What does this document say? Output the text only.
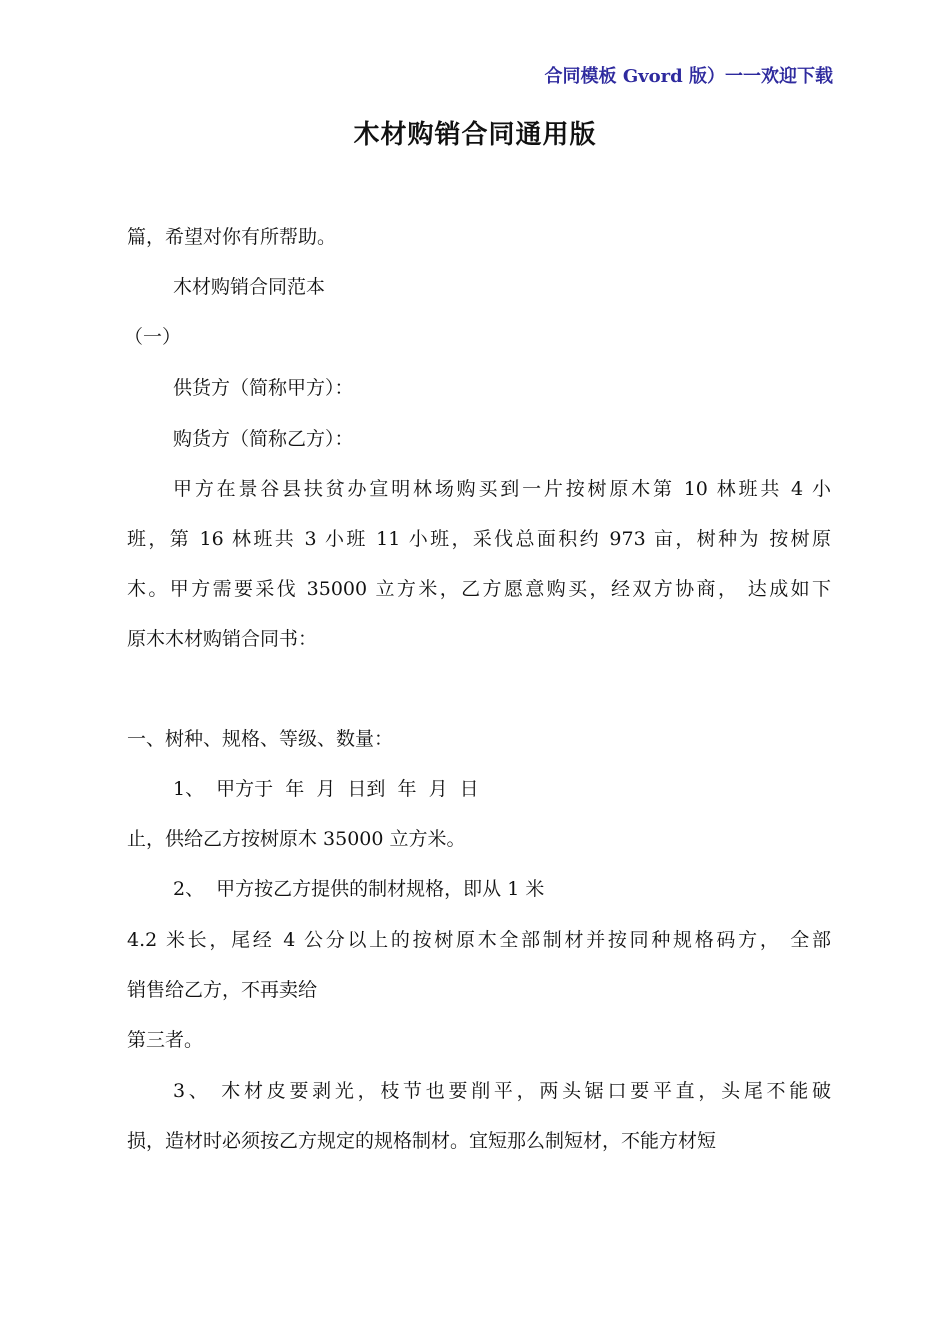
合同模板 Gvord 版）一一欢迎下载
木材购销合同通用版
篇，希望对你有所帮助。
木材购销合同范本
（一）
供货方（简称甲方）：
购货方（简称乙方）：
甲方在景谷县扶贫办宣明林场购买到一片按树原木第 10 林班共 4 小
班，第 16 林班共 3 小班 11 小班，采伐总面积约 973 亩，树种为 按树原
木。甲方需要采伐 35000 立方米，乙方愿意购买，经双方协商， 达成如下
原木木材购销合同书：
一、树种、规格、等级、数量：
1、  甲方于  年  月  日到  年  月  日
止，供给乙方按树原木 35000 立方米。
2、  甲方按乙方提供的制材规格，即从 1 米
4.2 米长，尾经 4 公分以上的按树原木全部制材并按同种规格码方， 全部
销售给乙方，不再卖给
第三者。
3、 木材皮要剥光，枝节也要削平，两头锯口要平直，头尾不能破
损，造材时必须按乙方规定的规格制材。宜短那么制短材，不能方材短
